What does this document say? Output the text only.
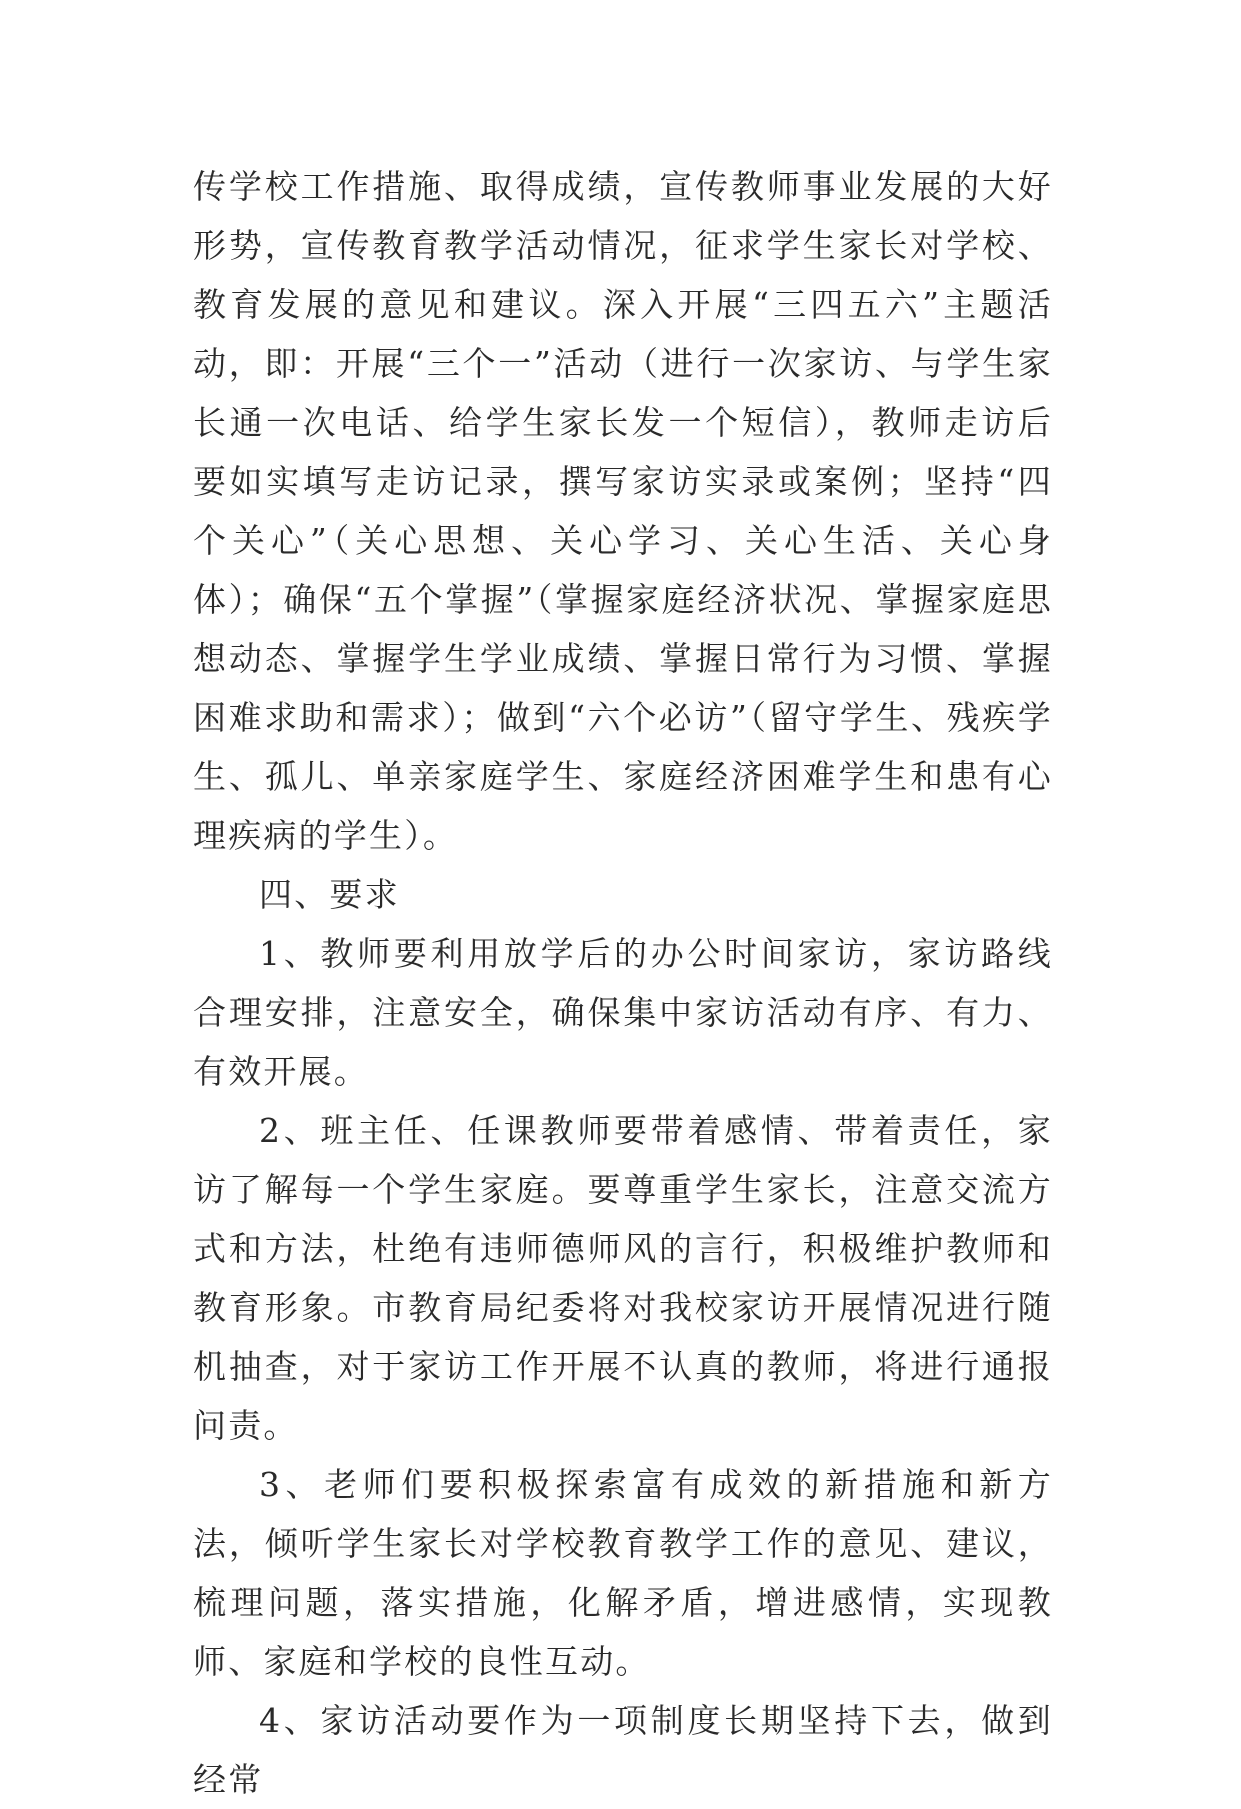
传学校工作措施、取得成绩，宣传教师事业发展的大好形势，宣传教育教学活动情况，征求学生家长对学校、教育发展的意见和建议。深入开展“三四五六”主题活动，即：开展“三个一”活动（进行一次家访、与学生家长通一次电话、给学生家长发一个短信），教师走访后要如实填写走访记录，撰写家访实录或案例；坚持“四个关心”（关心思想、关心学习、关心生活、关心身体）；确保“五个掌握”（掌握家庭经济状况、掌握家庭思想动态、掌握学生学业成绩、掌握日常行为习惯、掌握困难求助和需求）；做到“六个必访”（留守学生、残疾学生、孤儿、单亲家庭学生、家庭经济困难学生和患有心理疾病的学生）。

四、要求

1、教师要利用放学后的办公时间家访，家访路线合理安排，注意安全，确保集中家访活动有序、有力、有效开展。

2、班主任、任课教师要带着感情、带着责任，家访了解每一个学生家庭。要尊重学生家长，注意交流方式和方法，杜绝有违师德师风的言行，积极维护教师和教育形象。市教育局纪委将对我校家访开展情况进行随机抽查，对于家访工作开展不认真的教师，将进行通报问责。

3、老师们要积极探索富有成效的新措施和新方法，倾听学生家长对学校教育教学工作的意见、建议，梳理问题，落实措施，化解矛盾，增进感情，实现教师、家庭和学校的良性互动。

4、家访活动要作为一项制度长期坚持下去，做到经常
